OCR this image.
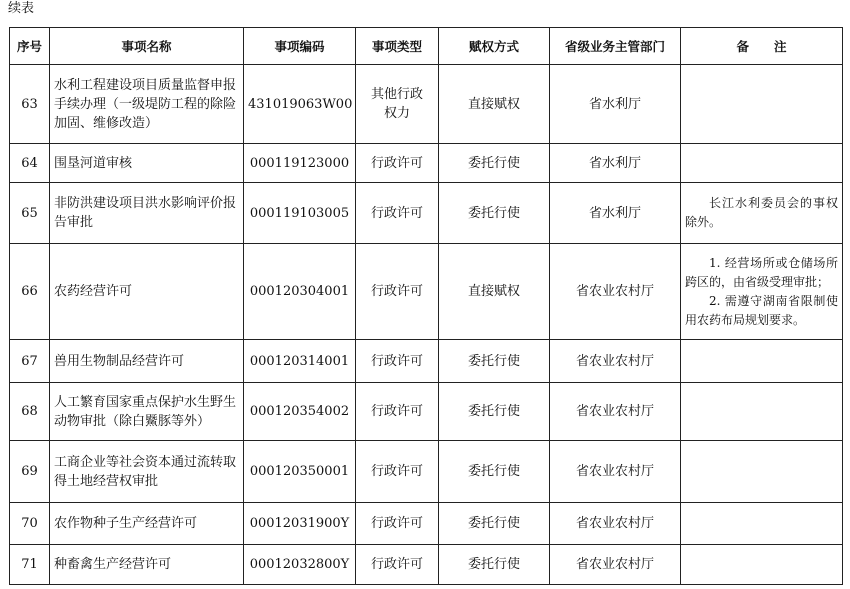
续表
序号	事项名称	事项编码	事项类型	赋权方式	省级业务主管部门	备　　注
63	水利工程建设项目质量监督申报手续办理（一级堤防工程的除险加固、维修改造）	431019063W00	其他行政权力	直接赋权	省水利厅	
64	围垦河道审核	000119123000	行政许可	委托行使	省水利厅	
65	非防洪建设项目洪水影响评价报告审批	000119103005	行政许可	委托行使	省水利厅	长江水利委员会的事权除外。
66	农药经营许可	000120304001	行政许可	直接赋权	省农业农村厅	1. 经营场所或仓储场所跨区的，由省级受理审批；
2. 需遵守湖南省限制使用农药布局规划要求。

67	兽用生物制品经营许可	000120314001	行政许可	委托行使	省农业农村厅	
68	人工繁育国家重点保护水生野生动物审批（除白鱀豚等外）	000120354002	行政许可	委托行使	省农业农村厅	
69	工商企业等社会资本通过流转取得土地经营权审批	000120350001	行政许可	委托行使	省农业农村厅	
70	农作物种子生产经营许可	00012031900Y	行政许可	委托行使	省农业农村厅	
71	种畜禽生产经营许可	00012032800Y	行政许可	委托行使	省农业农村厅	
